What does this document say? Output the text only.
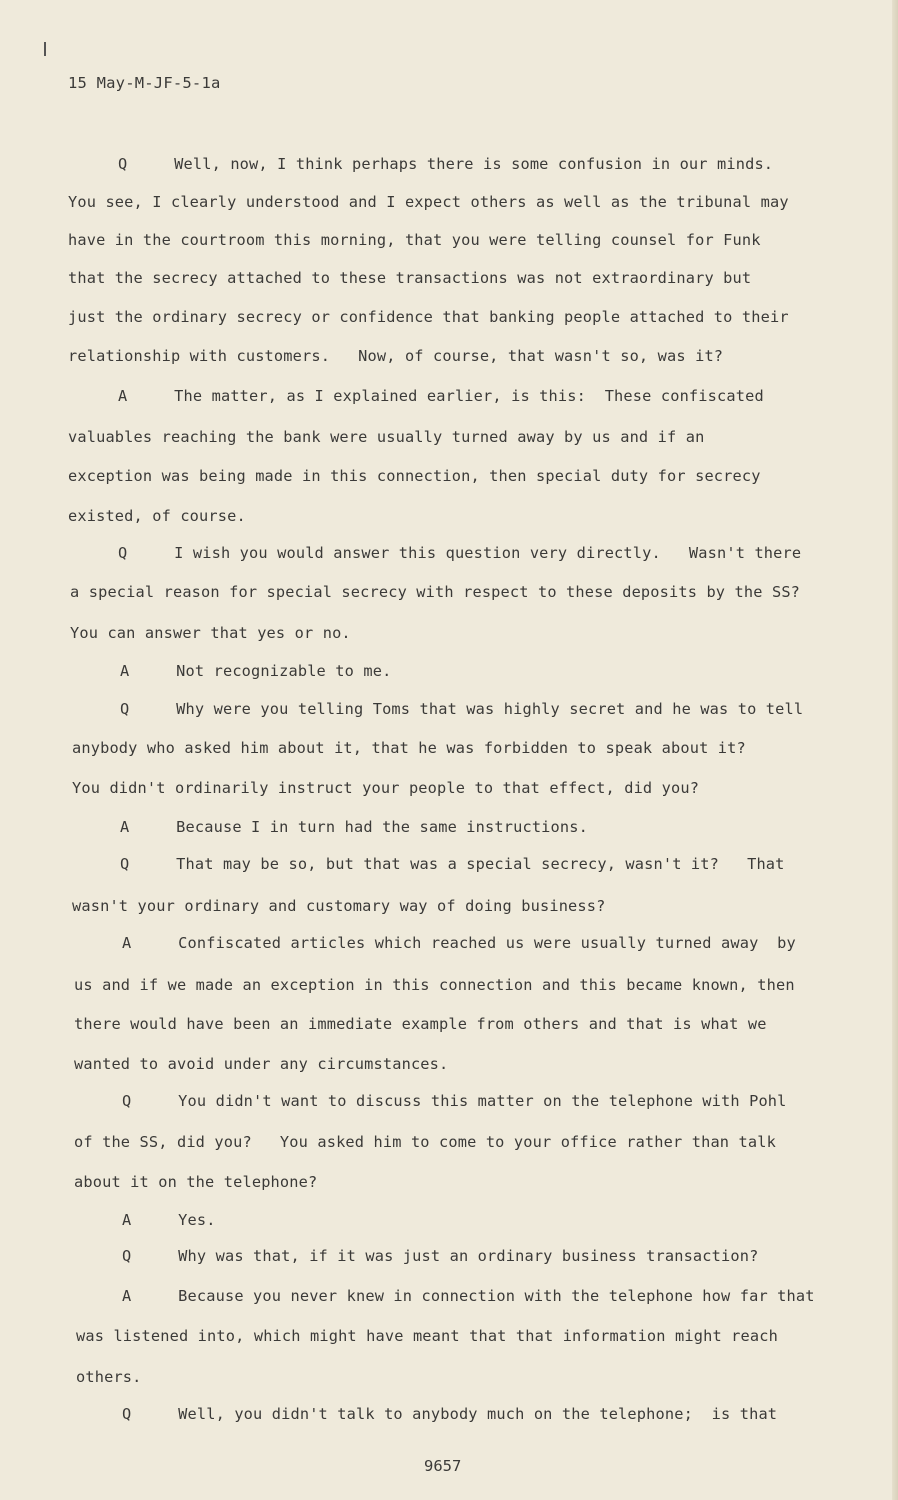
15 May-M-JF-5-1a
Q     Well, now, I think perhaps there is some confusion in our minds.
You see, I clearly understood and I expect others as well as the tribunal may
have in the courtroom this morning, that you were telling counsel for Funk
that the secrecy attached to these transactions was not extraordinary but
just the ordinary secrecy or confidence that banking people attached to their
relationship with customers.   Now, of course, that wasn't so, was it?
A     The matter, as I explained earlier, is this:  These confiscated
valuables reaching the bank were usually turned away by us and if an
exception was being made in this connection, then special duty for secrecy
existed, of course.
Q     I wish you would answer this question very directly.   Wasn't there
a special reason for special secrecy with respect to these deposits by the SS?
You can answer that yes or no.
A     Not recognizable to me.
Q     Why were you telling Toms that was highly secret and he was to tell
anybody who asked him about it, that he was forbidden to speak about it?
You didn't ordinarily instruct your people to that effect, did you?
A     Because I in turn had the same instructions.
Q     That may be so, but that was a special secrecy, wasn't it?   That
wasn't your ordinary and customary way of doing business?
A     Confiscated articles which reached us were usually turned away  by
us and if we made an exception in this connection and this became known, then
there would have been an immediate example from others and that is what we
wanted to avoid under any circumstances.
Q     You didn't want to discuss this matter on the telephone with Pohl
of the SS, did you?   You asked him to come to your office rather than talk
about it on the telephone?
A     Yes.
Q     Why was that, if it was just an ordinary business transaction?
A     Because you never knew in connection with the telephone how far that
was listened into, which might have meant that that information might reach
others.
Q     Well, you didn't talk to anybody much on the telephone;  is that
9657
